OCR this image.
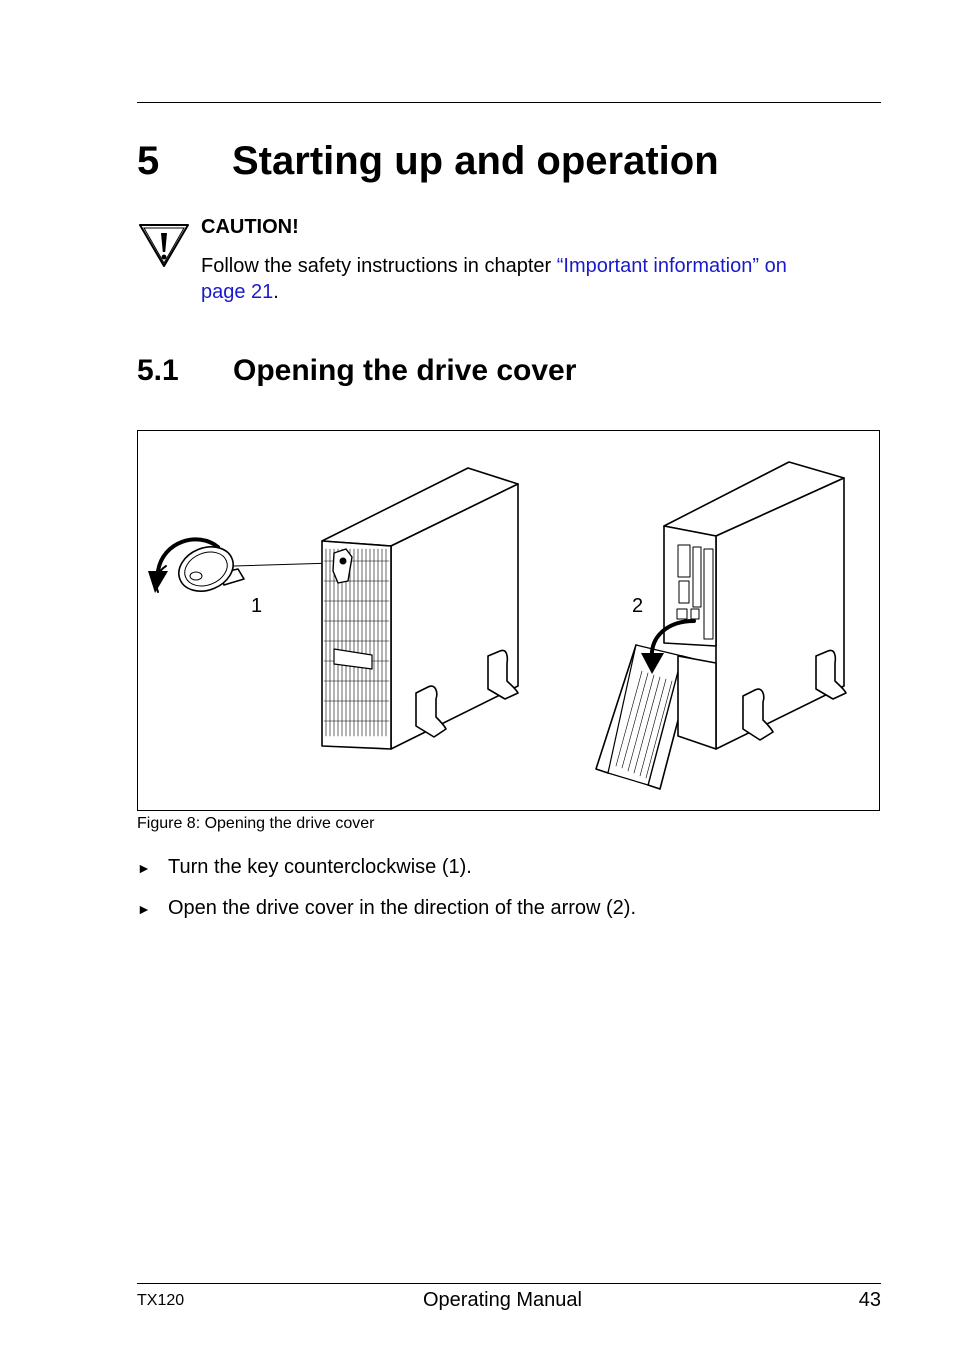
5 Starting up and operation
CAUTION!
Follow the safety instructions in chapter “Important information” on
page 21.
5.1 Opening the drive cover
1	2
Figure 8: Opening the drive cover
► Turn the key counterclockwise (1).
► Open the drive cover in the direction of the arrow (2).
TX120	Operating Manual	43
